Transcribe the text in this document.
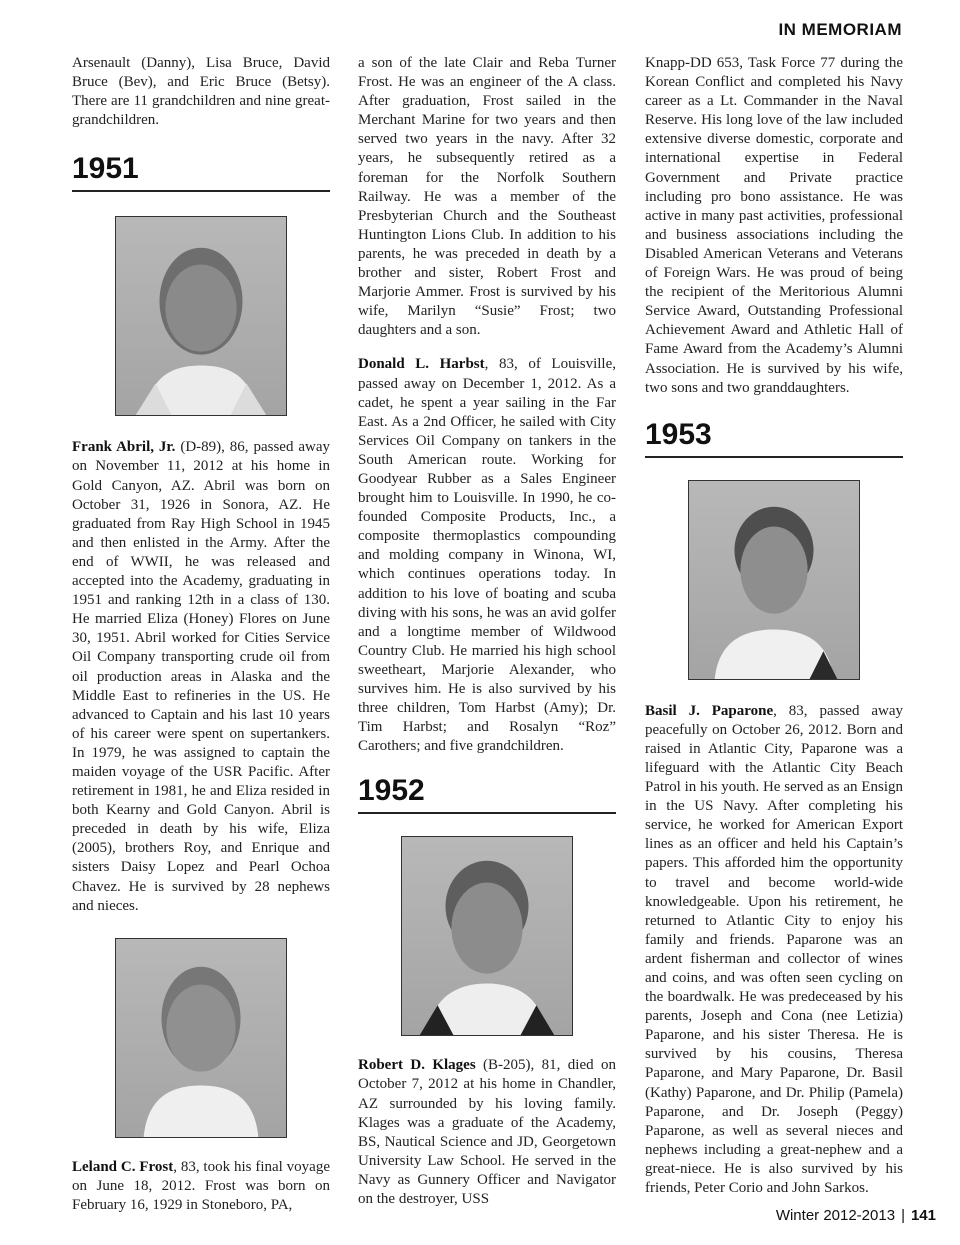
IN MEMORIAM

Arsenault (Danny), Lisa Bruce, David Bruce (Bev), and Eric Bruce (Betsy). There are 11 grandchildren and nine great-grandchildren.

1951

Frank Abril, Jr. (D-89), 86, passed away on November 11, 2012 at his home in Gold Canyon, AZ. Abril was born on October 31, 1926 in Sonora, AZ. He graduated from Ray High School in 1945 and then enlisted in the Army. After the end of WWII, he was released and accepted into the Academy, graduating in 1951 and ranking 12th in a class of 130. He married Eliza (Honey) Flores on June 30, 1951. Abril worked for Cities Service Oil Company transporting crude oil from oil production areas in Alaska and the Middle East to refineries in the US. He advanced to Captain and his last 10 years of his career were spent on supertankers. In 1979, he was assigned to captain the maiden voyage of the USR Pacific. After retirement in 1981, he and Eliza resided in both Kearny and Gold Canyon. Abril is preceded in death by his wife, Eliza (2005), brothers Roy, and Enrique and sisters Daisy Lopez and Pearl Ochoa Chavez. He is survived by 28 nephews and nieces.

Leland C. Frost, 83, took his final voyage on June 18, 2012. Frost was born on February 16, 1929 in Stoneboro, PA,

a son of the late Clair and Reba Turner Frost. He was an engineer of the A class. After graduation, Frost sailed in the Merchant Marine for two years and then served two years in the navy. After 32 years, he subsequently retired as a foreman for the Norfolk Southern Railway. He was a member of the Presbyterian Church and the Southeast Huntington Lions Club. In addition to his parents, he was preceded in death by a brother and sister, Robert Frost and Marjorie Ammer. Frost is survived by his wife, Marilyn “Susie” Frost; two daughters and a son.

Donald L. Harbst, 83, of Louisville, passed away on December 1, 2012. As a cadet, he spent a year sailing in the Far East. As a 2nd Officer, he sailed with City Services Oil Company on tankers in the South American route. Working for Goodyear Rubber as a Sales Engineer brought him to Louisville. In 1990, he co-founded Composite Products, Inc., a composite thermoplastics compounding and molding company in Winona, WI, which continues operations today. In addition to his love of boating and scuba diving with his sons, he was an avid golfer and a longtime member of Wildwood Country Club. He married his high school sweetheart, Marjorie Alexander, who survives him. He is also survived by his three children, Tom Harbst (Amy); Dr. Tim Harbst; and Rosalyn “Roz” Carothers; and five grandchildren.

1952

Robert D. Klages (B-205), 81, died on October 7, 2012 at his home in Chandler, AZ surrounded by his loving family. Klages was a graduate of the Academy, BS, Nautical Science and JD, Georgetown University Law School. He served in the Navy as Gunnery Officer and Navigator on the destroyer, USS

Knapp-DD 653, Task Force 77 during the Korean Conflict and completed his Navy career as a Lt. Commander in the Naval Reserve. His long love of the law included extensive diverse domestic, corporate and international expertise in Federal Government and Private practice including pro bono assistance. He was active in many past activities, professional and business associations including the Disabled American Veterans and Veterans of Foreign Wars. He was proud of being the recipient of the Meritorious Alumni Service Award, Outstanding Professional Achievement Award and Athletic Hall of Fame Award from the Academy’s Alumni Association. He is survived by his wife, two sons and two granddaughters.

1953

Basil J. Paparone, 83, passed away peacefully on October 26, 2012. Born and raised in Atlantic City, Paparone was a lifeguard with the Atlantic City Beach Patrol in his youth. He served as an Ensign in the US Navy. After completing his service, he worked for American Export lines as an officer and held his Captain’s papers. This afforded him the opportunity to travel and become world-wide knowledgeable. Upon his retirement, he returned to Atlantic City to enjoy his family and friends. Paparone was an ardent fisherman and collector of wines and coins, and was often seen cycling on the boardwalk. He was predeceased by his parents, Joseph and Cona (nee Letizia) Paparone, and his sister Theresa. He is survived by his cousins, Theresa Paparone, and Mary Paparone, Dr. Basil (Kathy) Paparone, and Dr. Philip (Pamela) Paparone, and Dr. Joseph (Peggy) Paparone, as well as several nieces and nephews including a great-nephew and a great-niece. He is also survived by his friends, Peter Corio and John Sarkos.

Winter 2012-2013 | 141
